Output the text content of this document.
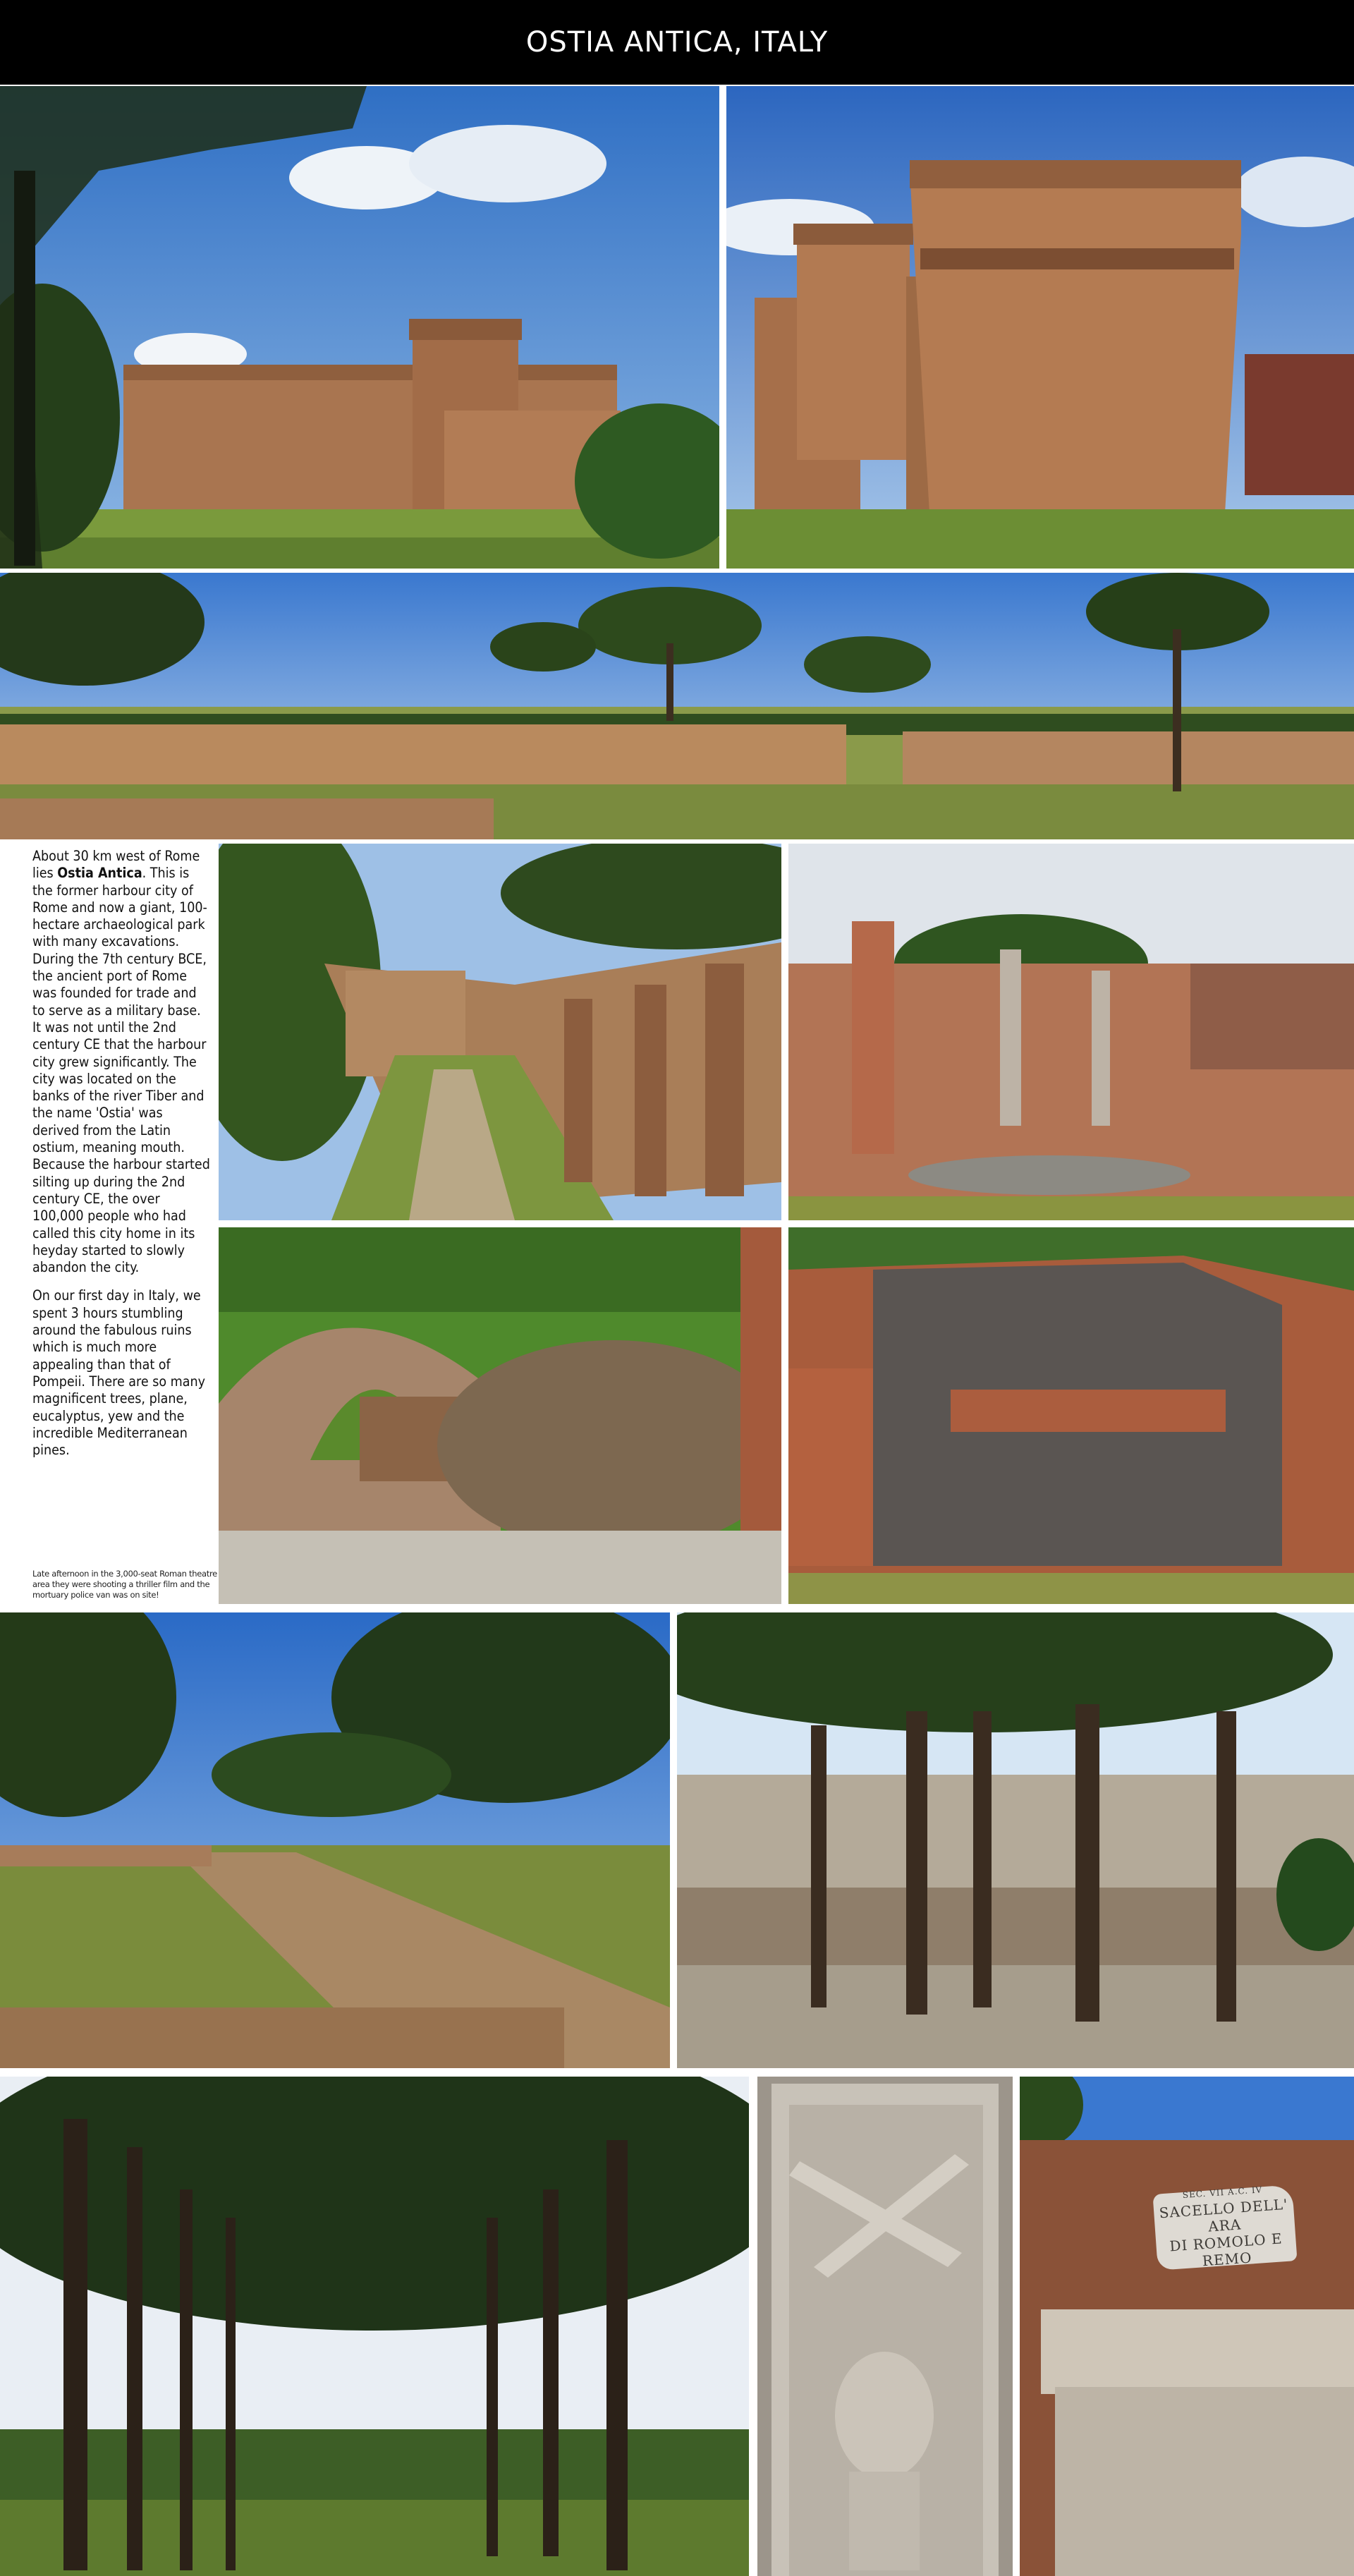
OSTIA ANTICA, ITALY

About 30 km west of Rome lies Ostia Antica. This is the former harbour city of Rome and now a giant, 100-hectare archaeological park with many excavations. During the 7th century BCE, the ancient port of Rome was founded for trade and to serve as a military base. It was not until the 2nd century CE that the harbour city grew significantly. The city was located on the banks of the river Tiber and the name 'Ostia' was derived from the Latin ostium, meaning mouth. Because the harbour started silting up during the 2nd century CE, the over 100,000 people who had called this city home in its heyday started to slowly abandon the city.

On our first day in Italy, we spent 3 hours stumbling around the fabulous ruins which is much more appealing than that of Pompeii. There are so many magnificent trees, plane, eucalyptus, yew and the incredible Mediterranean pines.

Late afternoon in the 3,000-seat Roman theatre area they were shooting a thriller film and the mortuary police van was on site!
SEC. VII A.C. IV
SACELLO DELL' ARA
DI ROMOLO E REMO
